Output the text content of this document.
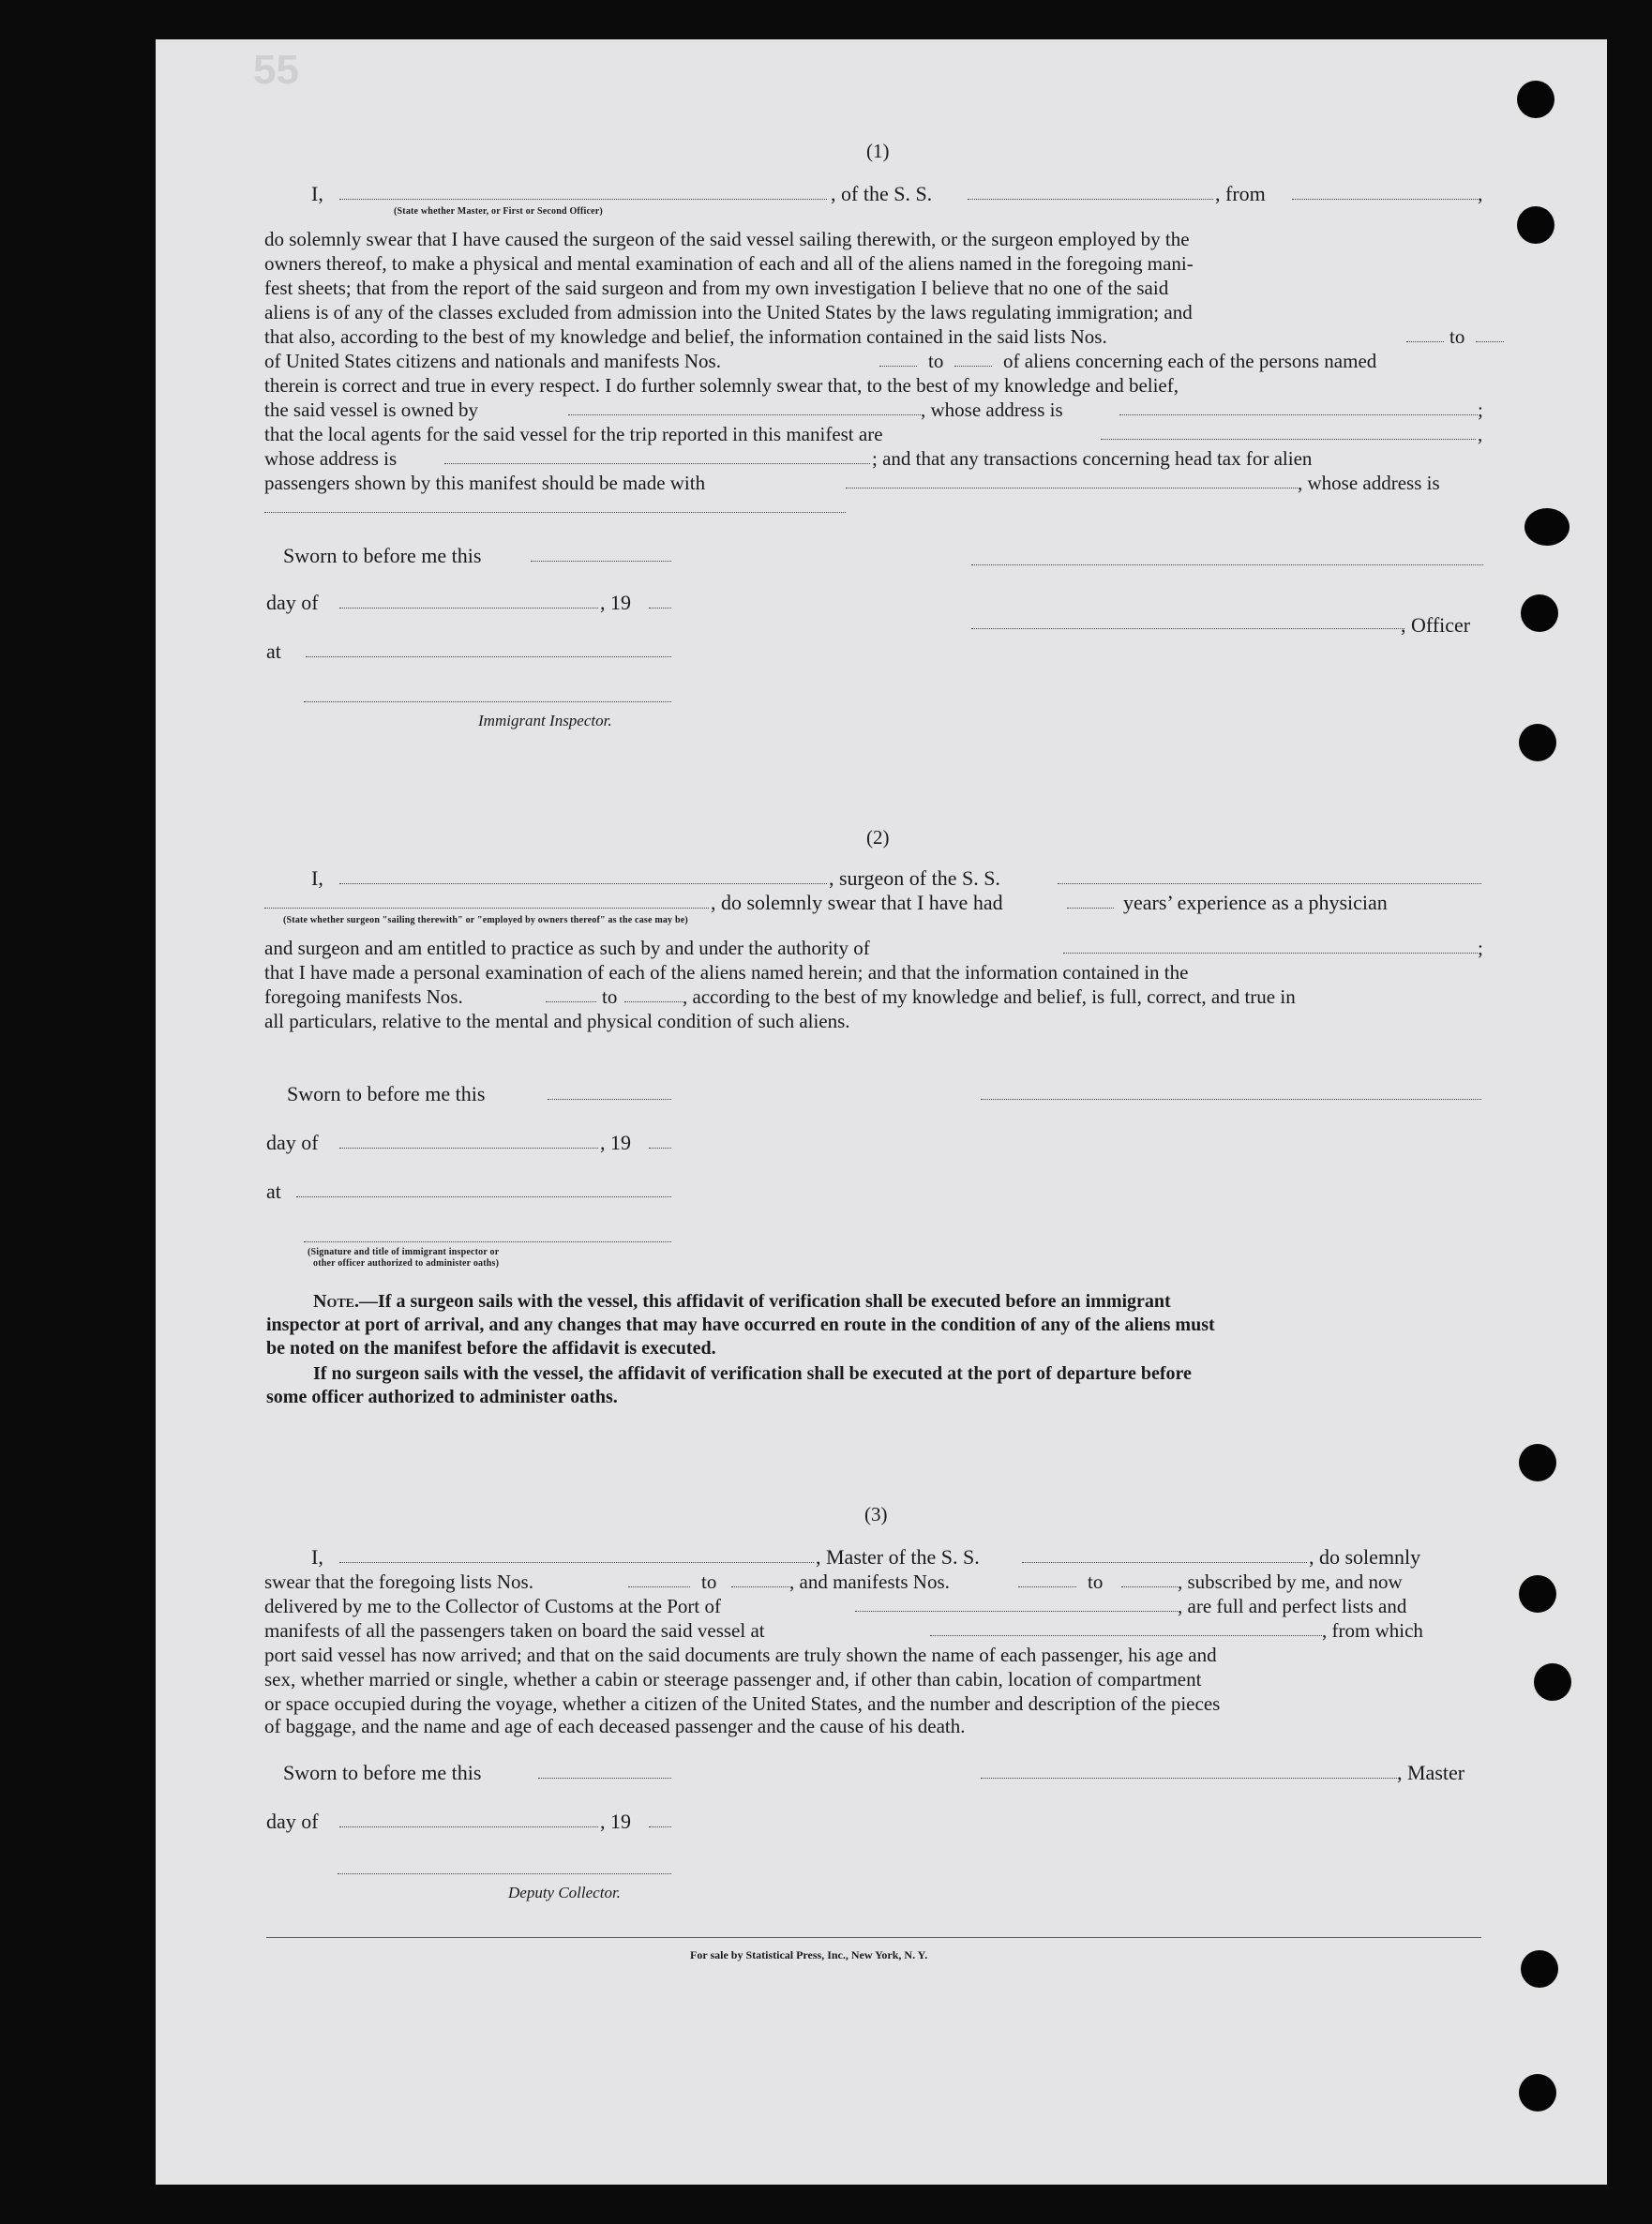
55
(1)
I,	, of the S. S.	, from	,
(State whether Master, or First or Second Officer)
do solemnly swear that I have caused the surgeon of the said vessel sailing therewith, or the surgeon employed by the
owners thereof, to make a physical and mental examination of each and all of the aliens named in the foregoing mani-
fest sheets; that from the report of the said surgeon and from my own investigation I believe that no one of the said
aliens is of any of the classes excluded from admission into the United States by the laws regulating immigration; and
that also, according to the best of my knowledge and belief, the information contained in the said lists Nos.	to
of United States citizens and nationals and manifests Nos.	to	of aliens concerning each of the persons named
therein is correct and true in every respect. I do further solemnly swear that, to the best of my knowledge and belief,
the said vessel is owned by	, whose address is	;
that the local agents for the said vessel for the trip reported in this manifest are	,
whose address is	; and that any transactions concerning head tax for alien
passengers shown by this manifest should be made with	, whose address is
Sworn to before me this
day of	, 19
, Officer
at
Immigrant Inspector.
(2)
I,	, surgeon of the S. S.
, do solemnly swear that I have had	years’ experience as a physician
(State whether surgeon "sailing therewith" or "employed by owners thereof" as the case may be)
and surgeon and am entitled to practice as such by and under the authority of	;
that I have made a personal examination of each of the aliens named herein; and that the information contained in the
foregoing manifests Nos.	to	, according to the best of my knowledge and belief, is full, correct, and true in
all particulars, relative to the mental and physical condition of such aliens.
Sworn to before me this
day of	, 19
at
(Signature and title of immigrant inspector or
other officer authorized to administer oaths)
Note.—If a surgeon sails with the vessel, this affidavit of verification shall be executed before an immigrant
inspector at port of arrival, and any changes that may have occurred en route in the condition of any of the aliens must
be noted on the manifest before the affidavit is executed.
If no surgeon sails with the vessel, the affidavit of verification shall be executed at the port of departure before
some officer authorized to administer oaths.
(3)
I,	, Master of the S. S.	, do solemnly
swear that the foregoing lists Nos.	to	, and manifests Nos.	to	, subscribed by me, and now
delivered by me to the Collector of Customs at the Port of	, are full and perfect lists and
manifests of all the passengers taken on board the said vessel at	, from which
port said vessel has now arrived; and that on the said documents are truly shown the name of each passenger, his age and
sex, whether married or single, whether a cabin or steerage passenger and, if other than cabin, location of compartment
or space occupied during the voyage, whether a citizen of the United States, and the number and description of the pieces
of baggage, and the name and age of each deceased passenger and the cause of his death.
Sworn to before me this	, Master
day of	, 19
Deputy Collector.
For sale by Statistical Press, Inc., New York, N. Y.
